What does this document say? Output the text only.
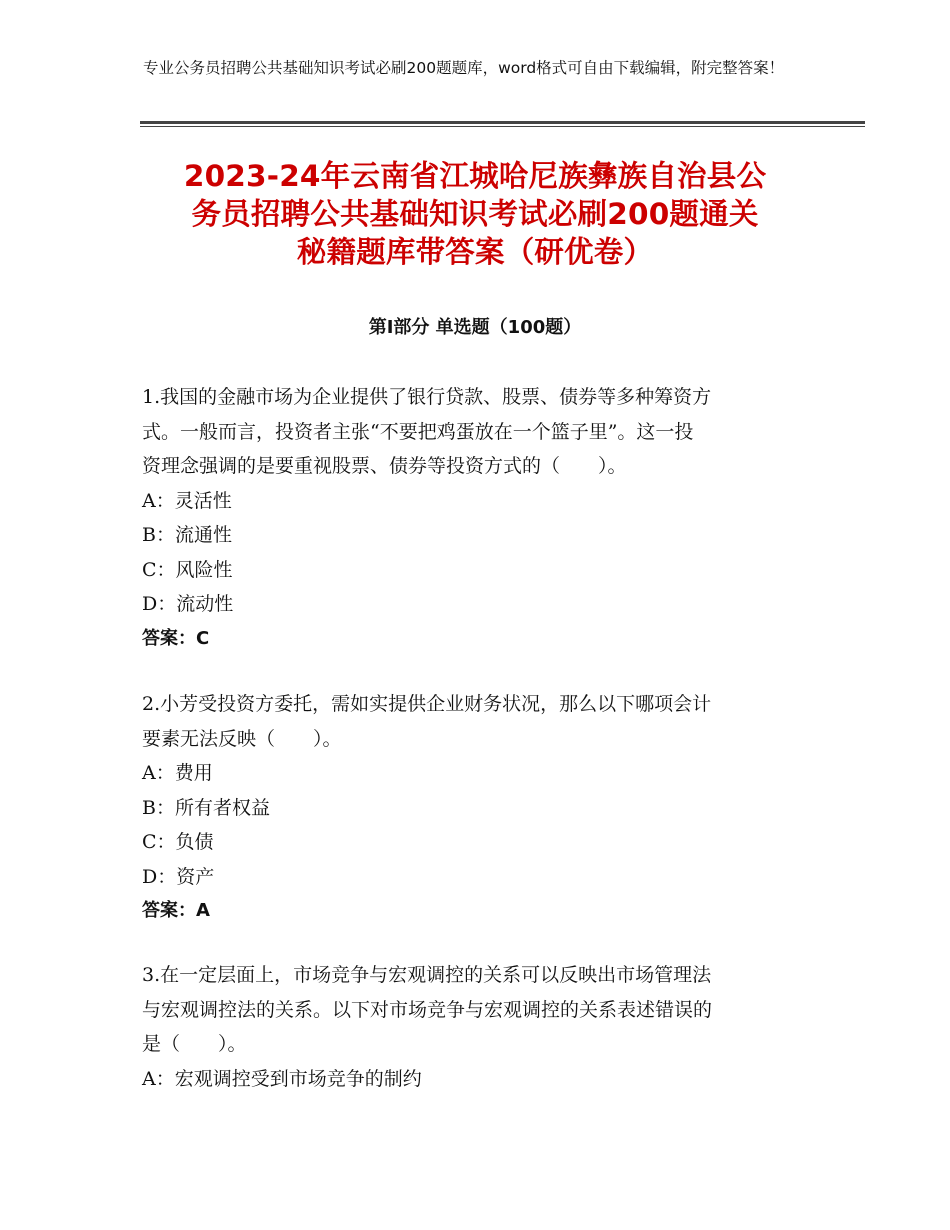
专业公务员招聘公共基础知识考试必刷200题题库，word格式可自由下载编辑，附完整答案！
2023-24年云南省江城哈尼族彝族自治县公
务员招聘公共基础知识考试必刷200题通关
秘籍题库带答案（研优卷）
第Ⅰ部分 单选题（100题）
1.我国的金融市场为企业提供了银行贷款、股票、债券等多种筹资方
式。一般而言，投资者主张“不要把鸡蛋放在一个篮子里”。这一投
资理念强调的是要重视股票、债券等投资方式的（　　）。
A：灵活性
B：流通性
C：风险性
D：流动性
答案：C
2.小芳受投资方委托，需如实提供企业财务状况，那么以下哪项会计
要素无法反映（　　）。
A：费用
B：所有者权益
C：负债
D：资产
答案：A
3.在一定层面上，市场竞争与宏观调控的关系可以反映出市场管理法
与宏观调控法的关系。以下对市场竞争与宏观调控的关系表述错误的
是（　　）。
A：宏观调控受到市场竞争的制约
